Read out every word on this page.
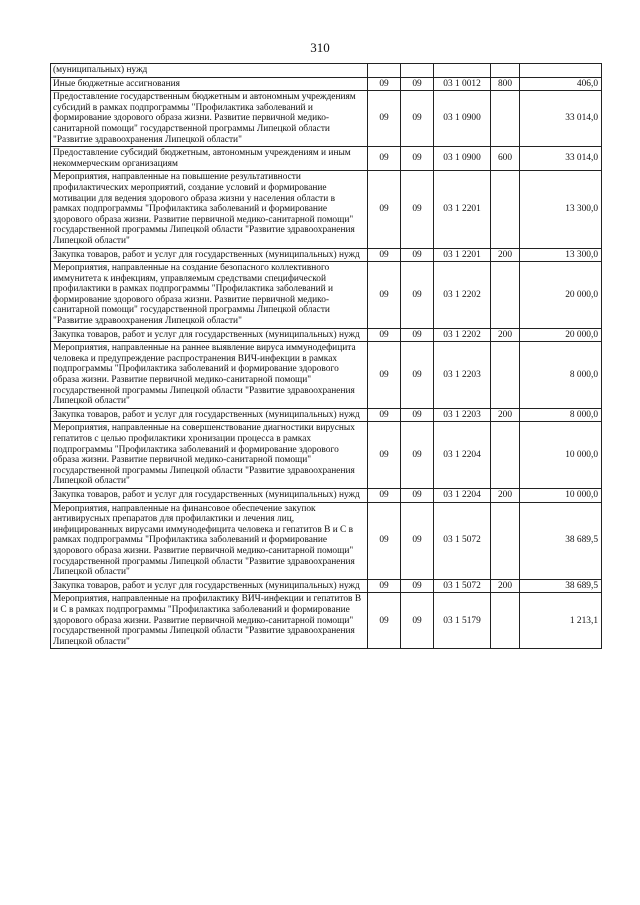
310
(муниципальных) нужд					
Иные бюджетные ассигнования	09	09	03 1 0012	800	406,0
Предоставление государственным бюджетным и автономным учреждениям субсидий в рамках подпрограммы "Профилактика заболеваний и формирование здорового образа жизни. Развитие первичной медико-санитарной помощи" государственной программы Липецкой области "Развитие здравоохранения Липецкой области"	09	09	03 1 0900		33 014,0
Предоставление субсидий бюджетным, автономным учреждениям и иным некоммерческим организациям	09	09	03 1 0900	600	33 014,0
Мероприятия, направленные на повышение результативности профилактических мероприятий, создание условий и формирование мотивации для ведения здорового образа жизни у населения области в рамках подпрограммы "Профилактика заболеваний и формирование здорового образа жизни. Развитие первичной медико-санитарной помощи" государственной программы Липецкой области "Развитие здравоохранения Липецкой области"	09	09	03 1 2201		13 300,0
Закупка товаров, работ и услуг для государственных (муниципальных) нужд	09	09	03 1 2201	200	13 300,0
Мероприятия, направленные на создание безопасного коллективного иммунитета к инфекциям, управляемым средствами специфической профилактики в рамках подпрограммы "Профилактика заболеваний и формирование здорового образа жизни. Развитие первичной медико-санитарной помощи" государственной программы Липецкой области "Развитие здравоохранения Липецкой области"	09	09	03 1 2202		20 000,0
Закупка товаров, работ и услуг для государственных (муниципальных) нужд	09	09	03 1 2202	200	20 000,0
Мероприятия, направленные на раннее выявление вируса иммунодефицита человека и предупреждение распространения ВИЧ-инфекции в рамках подпрограммы "Профилактика заболеваний и формирование здорового образа жизни. Развитие первичной медико-санитарной помощи" государственной программы Липецкой области "Развитие здравоохранения Липецкой области"	09	09	03 1 2203		8 000,0
Закупка товаров, работ и услуг для государственных (муниципальных) нужд	09	09	03 1 2203	200	8 000,0
Мероприятия, направленные на совершенствование диагностики вирусных гепатитов с целью профилактики хронизации процесса в рамках подпрограммы "Профилактика заболеваний и формирование здорового образа жизни. Развитие первичной медико-санитарной помощи" государственной программы Липецкой области "Развитие здравоохранения Липецкой области"	09	09	03 1 2204		10 000,0
Закупка товаров, работ и услуг для государственных (муниципальных) нужд	09	09	03 1 2204	200	10 000,0
Мероприятия, направленные на финансовое обеспечение закупок антивирусных препаратов для профилактики и лечения лиц, инфицированных вирусами иммунодефицита человека и гепатитов В и С в рамках подпрограммы "Профилактика заболеваний и формирование здорового образа жизни. Развитие первичной медико-санитарной помощи" государственной программы Липецкой области "Развитие здравоохранения Липецкой области"	09	09	03 1 5072		38 689,5
Закупка товаров, работ и услуг для государственных (муниципальных) нужд	09	09	03 1 5072	200	38 689,5
Мероприятия, направленные на профилактику ВИЧ-инфекции и гепатитов В и С в рамках подпрограммы "Профилактика заболеваний и формирование здорового образа жизни. Развитие первичной медико-санитарной помощи" государственной программы Липецкой области "Развитие здравоохранения Липецкой области"	09	09	03 1 5179		1 213,1
